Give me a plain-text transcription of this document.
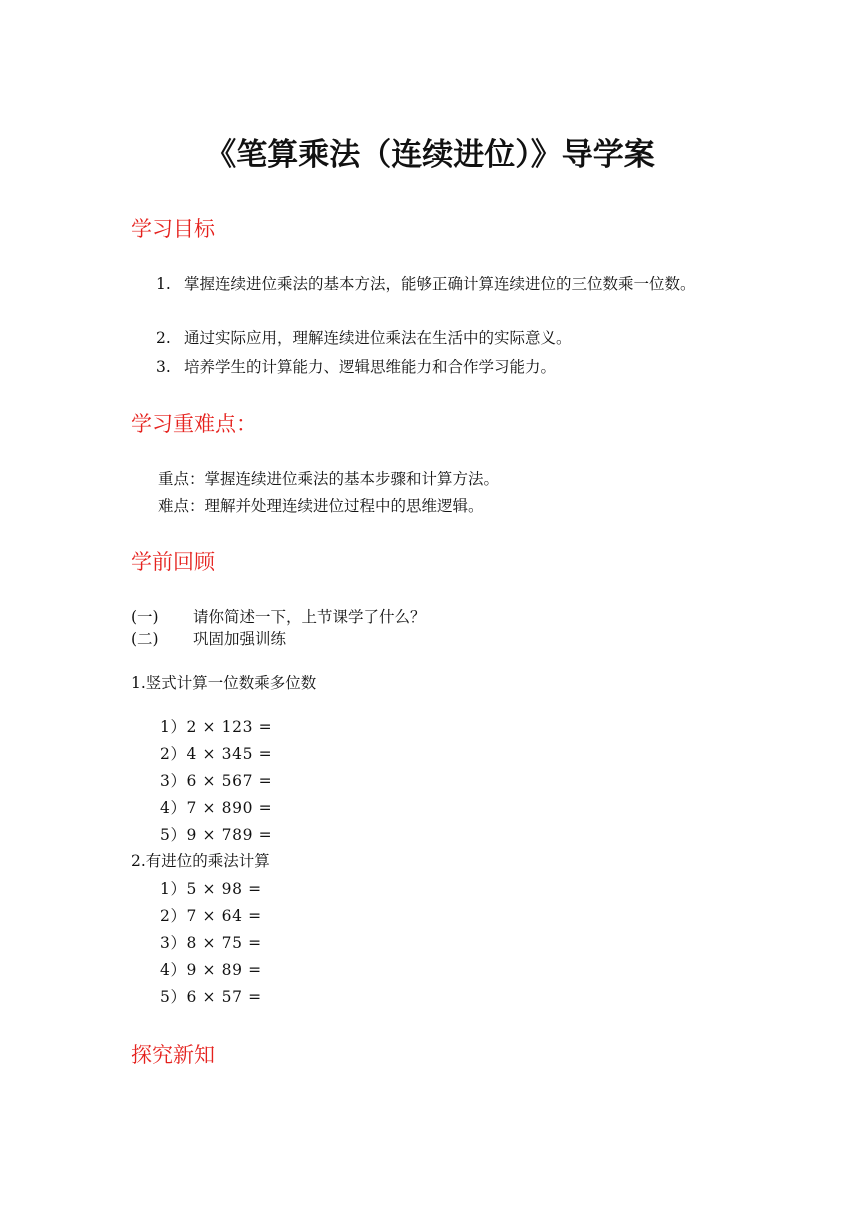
《笔算乘法（连续进位）》导学案
学习目标
1. 掌握连续进位乘法的基本方法，能够正确计算连续进位的三位数乘一位数。
2. 通过实际应用，理解连续进位乘法在生活中的实际意义。
3. 培养学生的计算能力、逻辑思维能力和合作学习能力。
学习重难点：
重点：掌握连续进位乘法的基本步骤和计算方法。
难点：理解并处理连续进位过程中的思维逻辑。
学前回顾
(一) 请你简述一下，上节课学了什么？
(二) 巩固加强训练
1.竖式计算一位数乘多位数
1）2 × 123 =
2）4 × 345 =
3）6 × 567 =
4）7 × 890 =
5）9 × 789 =
2.有进位的乘法计算
1）5 × 98 =
2）7 × 64 =
3）8 × 75 =
4）9 × 89 =
5）6 × 57 =
探究新知
